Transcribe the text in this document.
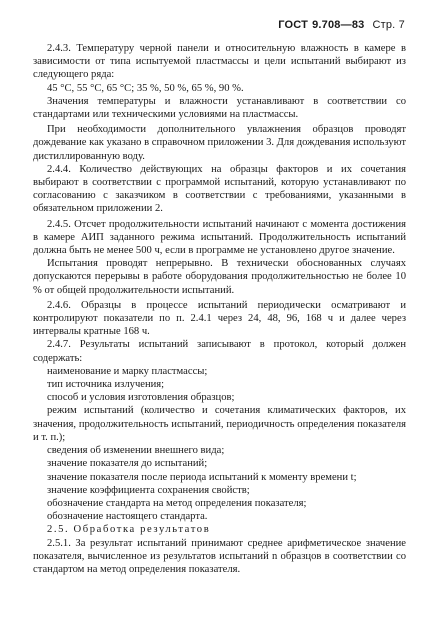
ГОСТ 9.708—83 Стр. 7

2.4.3. Температуру черной панели и относительную влажность в камере в зависимости от типа испытуемой пластмассы и цели испытаний выбирают из следующего ряда:

45 °C, 55 °C, 65 °C; 35 %, 50 %, 65 %, 90 %.

Значения температуры и влажности устанавливают в соответствии со стандартами или техническими условиями на пластмассы.

При необходимости дополнительного увлажнения образцов проводят дождевание как указано в справочном приложении 3. Для дождевания используют дистиллированную воду.

2.4.4. Количество действующих на образцы факторов и их сочетания выбирают в соответствии с программой испытаний, которую устанавливают по согласованию с заказчиком в соответствии с требованиями, указанными в обязательном приложении 2.

2.4.5. Отсчет продолжительности испытаний начинают с момента достижения в камере АИП заданного режима испытаний. Продолжительность испытаний должна быть не менее 500 ч, если в программе не установлено другое значение.

Испытания проводят непрерывно. В технически обоснованных случаях допускаются перерывы в работе оборудования продолжительностью не более 10 % от общей продолжительности испытаний.

2.4.6. Образцы в процессе испытаний периодически осматривают и контролируют показатели по п. 2.4.1 через 24, 48, 96, 168 ч и далее через интервалы кратные 168 ч.

2.4.7. Результаты испытаний записывают в протокол, который должен содержать:

наименование и марку пластмассы;

тип источника излучения;

способ и условия изготовления образцов;

режим испытаний (количество и сочетания климатических факторов, их значения, продолжительность испытаний, периодичность определения показателя и т. п.);

сведения об изменении внешнего вида;

значение показателя до испытаний;

значение показателя после периода испытаний к моменту времени t;

значение коэффициента сохранения свойств;

обозначение стандарта на метод определения показателя;

обозначение настоящего стандарта.

2.5. Обработка результатов

2.5.1. За результат испытаний принимают среднее арифметическое значение показателя, вычисленное из результатов испытаний n образцов в соответствии со стандартом на метод определения показателя.
